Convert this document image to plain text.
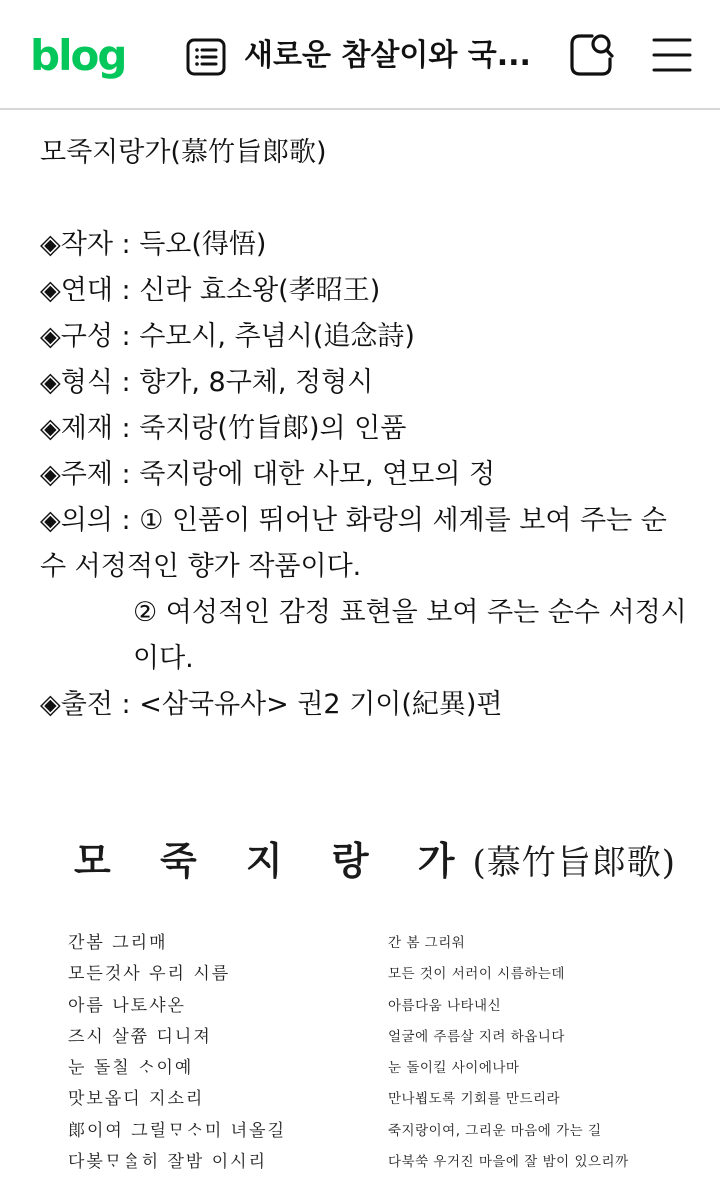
blog	새로운 참살이와 국...

모죽지랑가(慕竹旨郞歌)

◈작자 : 득오(得悟)

◈연대 : 신라 효소왕(孝昭王)

◈구성 : 수모시, 추념시(追念詩)

◈형식 : 향가, 8구체, 정형시

◈제재 : 죽지랑(竹旨郞)의 인품

◈주제 : 죽지랑에 대한 사모, 연모의 정

◈의의 : ① 인품이 뛰어난 화랑의 세계를 보여 주는 순수 서정적인 향가 작품이다.

② 여성적인 감정 표현을 보여 주는 순수 서정시이다.

◈출전 : <삼국유사> 권2 기이(紀異)편

모 죽 지 랑 가(慕竹旨郞歌)
간봄 그리매
모든것사 우리 시름
아름 나토샤온
즈시 살쯈 디니져
눈 돌칠 ᄉᆞ이예
맛보옵디 지소리
郞이여 그릴ᄆᆞᄉᆞ미 녀올길
다봊ᄆᆞᅀᆞᆯ히 잘밤 이시리
간 봄 그리워
모든 것이 서러이 시름하는데
아름다움 나타내신
얼굴에 주름살 지려 하옵니다
눈 돌이킬 사이에나마
만나뵙도록 기회를 만드리라
죽지랑이여, 그리운 마음에 가는 길
다북쑥 우거진 마을에 잘 밤이 있으리까
